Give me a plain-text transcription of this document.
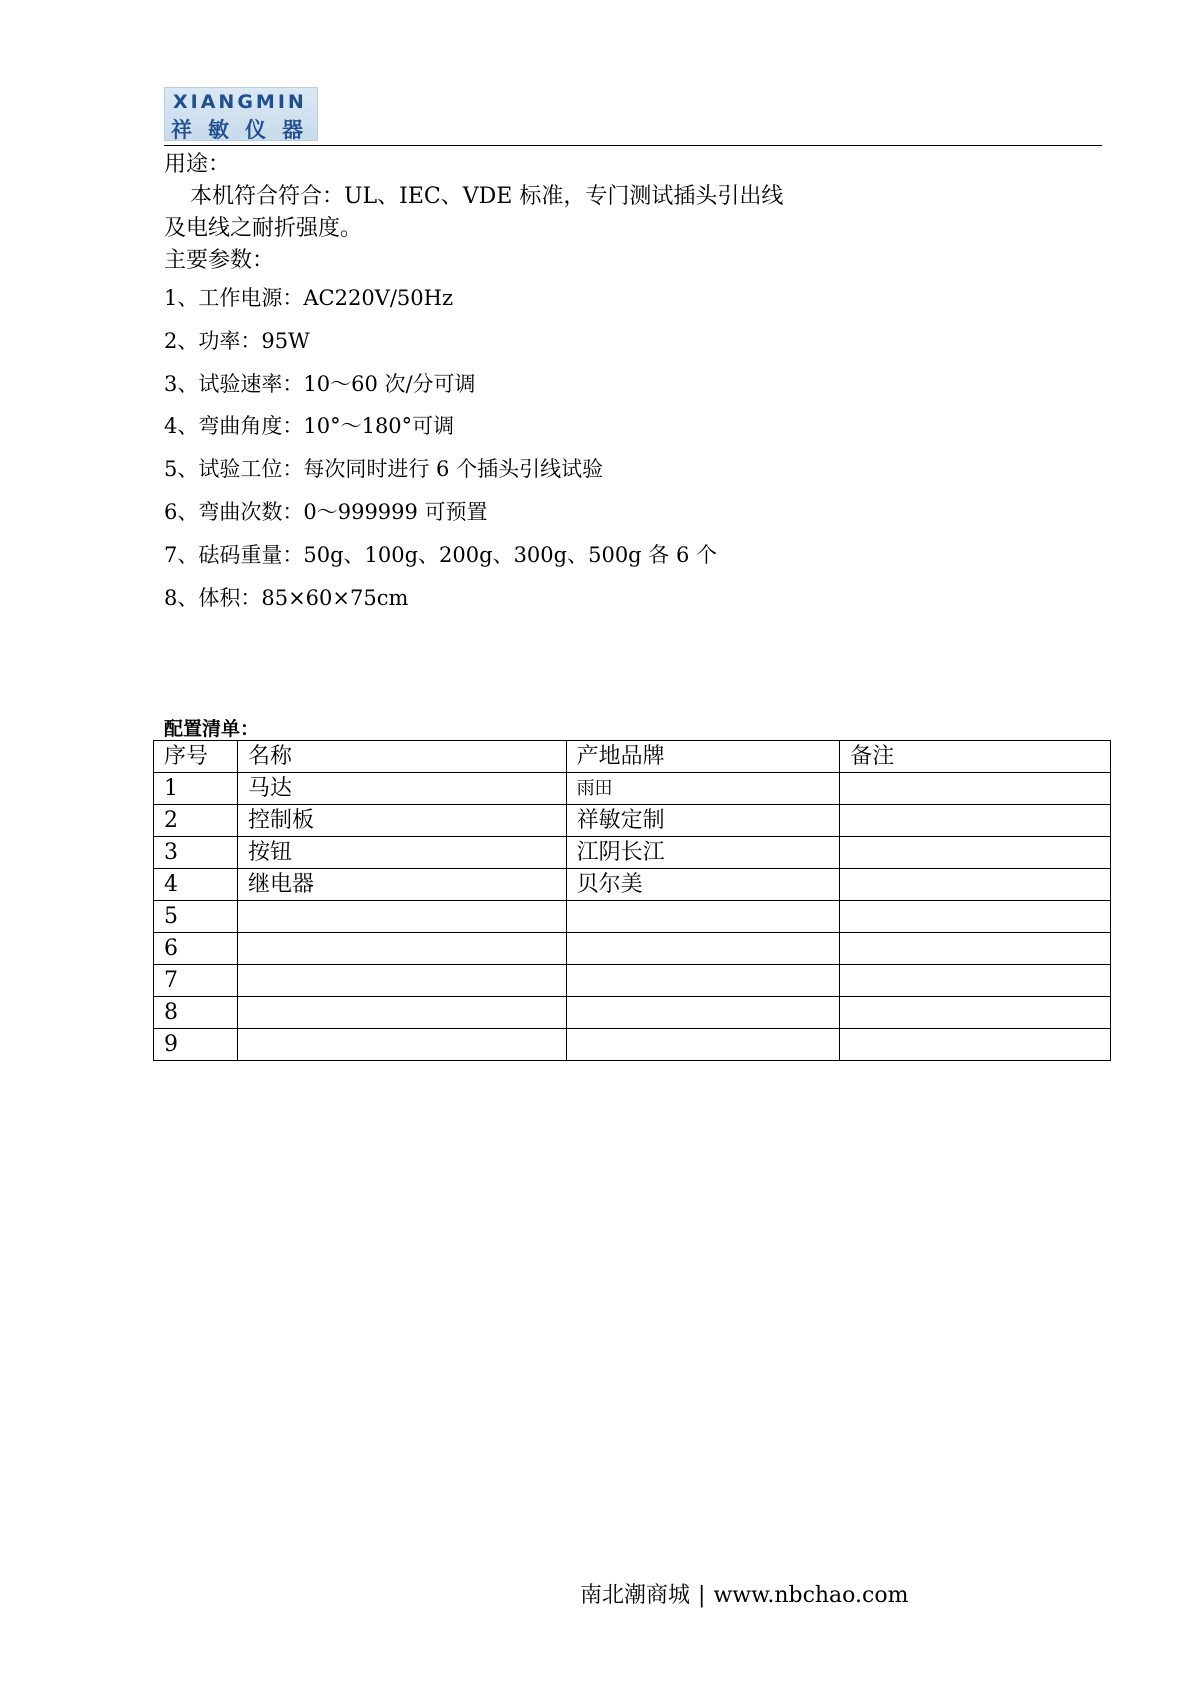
XIANGMIN
祥敏仪器
用途：
本机符合符合：UL、IEC、VDE 标准，专门测试插头引出线
及电线之耐折强度。
主要参数：
1、工作电源：AC220V/50Hz
2、功率：95W
3、试验速率：10～60 次/分可调
4、弯曲角度：10°～180°可调
5、试验工位：每次同时进行 6 个插头引线试验
6、弯曲次数：0～999999 可预置
7、砝码重量：50g、100g、200g、300g、500g 各 6 个
8、体积：85×60×75cm
配置清单：
序号	名称	产地品牌	备注
1	马达	雨田	
2	控制板	祥敏定制	
3	按钮	江阴长江	
4	继电器	贝尔美	
5			
6			
7			
8			
9			
南北潮商城 | www.nbchao.com
